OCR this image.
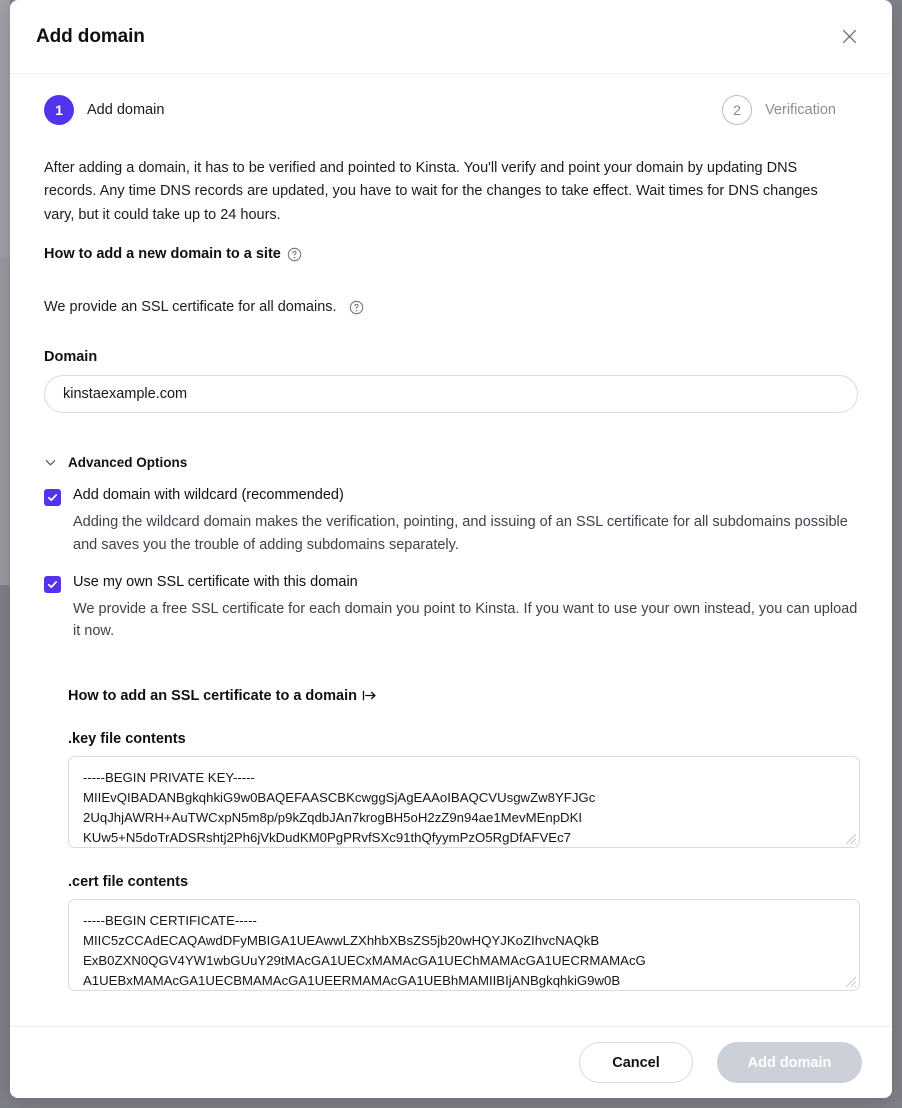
Add domain
1	Add domain	2	Verification
After adding a domain, it has to be verified and pointed to Kinsta. You'll verify and point your domain by updating DNS records. Any time DNS records are updated, you have to wait for the changes to take effect. Wait times for DNS changes vary, but it could take up to 24 hours.
How to add a new domain to a site
We provide an SSL certificate for all domains.
Domain
kinstaexample.com
Advanced Options
Add domain with wildcard (recommended)
Adding the wildcard domain makes the verification, pointing, and issuing of an SSL certificate for all subdomains possible and saves you the trouble of adding subdomains separately.
Use my own SSL certificate with this domain
We provide a free SSL certificate for each domain you point to Kinsta. If you want to use your own instead, you can upload it now.
How to add an SSL certificate to a domain
.key file contents
-----BEGIN PRIVATE KEY----- MIIEvQIBADANBgkqhkiG9w0BAQEFAASCBKcwggSjAgEAAoIBAQCVUsgwZw8YFJGc 2UqJhjAWRH+AuTWCxpN5m8p/p9kZqdbJAn7krogBH5oH2zZ9n94ae1MevMEnpDKI KUw5+N5doTrADSRshtj2Ph6jVkDudKM0PgPRvfSXc91thQfyymPzO5RgDfAFVEc7 xs9ToF4aLVC2vWigupkZXhcEViRvXUvEfq0nlguffefKFLHz1mkbru21UXXo2RwED
.cert file contents
-----BEGIN CERTIFICATE----- MIIC5zCCAdECAQAwdDFyMBIGA1UEAwwLZXhhbXBsZS5jb20wHQYJKoZIhvcNAQkB ExB0ZXN0QGV4YW1wbGUuY29tMAcGA1UECxMAMAcGA1UEChMAMAcGA1UECRMAMAcG A1UEBxMAMAcGA1UECBMAMAcGA1UEERMAMAcGA1UEBhMAMIIBIjANBgkqhkiG9w0B AQEFAAOCAQ8AMIIBCgKCAQEAIYLJMGgRGRSDpNIKiXYxFkP/gLJ1gscTe7vKf6fZ
Cancel	Add domain
